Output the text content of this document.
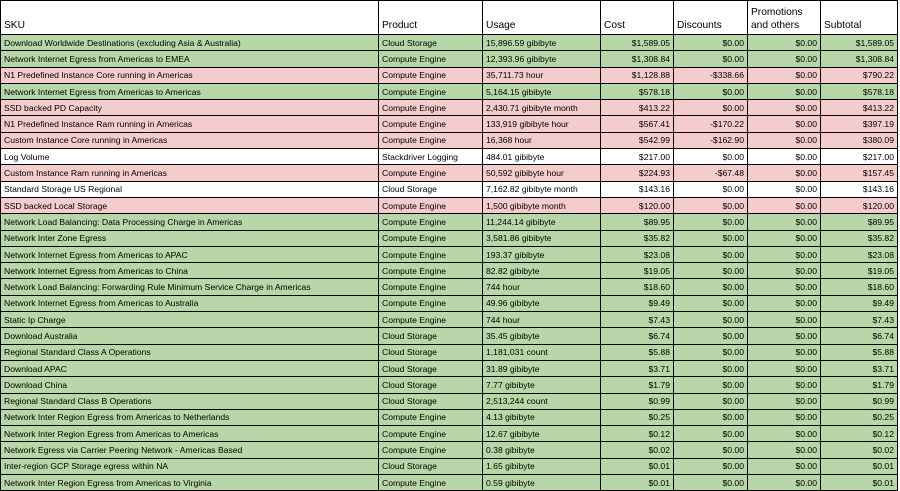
SKU	Product	Usage	Cost	Discounts	Promotions and others	Subtotal
Download Worldwide Destinations (excluding Asia & Australia)	Cloud Storage	15,896.59 gibibyte	$1,589.05	$0.00	$0.00	$1,589.05
Network Internet Egress from Americas to EMEA	Compute Engine	12,393.96 gibibyte	$1,308.84	$0.00	$0.00	$1,308.84
N1 Predefined Instance Core running in Americas	Compute Engine	35,711.73 hour	$1,128.88	-$338.66	$0.00	$790.22
Network Internet Egress from Americas to Americas	Compute Engine	5,164.15 gibibyte	$578.18	$0.00	$0.00	$578.18
SSD backed PD Capacity	Compute Engine	2,430.71 gibibyte month	$413.22	$0.00	$0.00	$413.22
N1 Predefined Instance Ram running in Americas	Compute Engine	133,919 gibibyte hour	$567.41	-$170.22	$0.00	$397.19
Custom Instance Core running in Americas	Compute Engine	16,368 hour	$542.99	-$162.90	$0.00	$380.09
Log Volume	Stackdriver Logging	484.01 gibibyte	$217.00	$0.00	$0.00	$217.00
Custom Instance Ram running in Americas	Compute Engine	50,592 gibibyte hour	$224.93	-$67.48	$0.00	$157.45
Standard Storage US Regional	Cloud Storage	7,162.82 gibibyte month	$143.16	$0.00	$0.00	$143.16
SSD backed Local Storage	Compute Engine	1,500 gibibyte month	$120.00	$0.00	$0.00	$120.00
Network Load Balancing: Data Processing Charge in Americas	Compute Engine	11,244.14 gibibyte	$89.95	$0.00	$0.00	$89.95
Network Inter Zone Egress	Compute Engine	3,581.86 gibibyte	$35.82	$0.00	$0.00	$35.82
Network Internet Egress from Americas to APAC	Compute Engine	193.37 gibibyte	$23.08	$0.00	$0.00	$23.08
Network Internet Egress from Americas to China	Compute Engine	82.82 gibibyte	$19.05	$0.00	$0.00	$19.05
Network Load Balancing: Forwarding Rule Minimum Service Charge in Americas	Compute Engine	744 hour	$18.60	$0.00	$0.00	$18.60
Network Internet Egress from Americas to Australia	Compute Engine	49.96 gibibyte	$9.49	$0.00	$0.00	$9.49
Static Ip Charge	Compute Engine	744 hour	$7.43	$0.00	$0.00	$7.43
Download Australia	Cloud Storage	35.45 gibibyte	$6.74	$0.00	$0.00	$6.74
Regional Standard Class A Operations	Cloud Storage	1,181,031 count	$5.88	$0.00	$0.00	$5.88
Download APAC	Cloud Storage	31.89 gibibyte	$3.71	$0.00	$0.00	$3.71
Download China	Cloud Storage	7.77 gibibyte	$1.79	$0.00	$0.00	$1.79
Regional Standard Class B Operations	Cloud Storage	2,513,244 count	$0.99	$0.00	$0.00	$0.99
Network Inter Region Egress from Americas to Netherlands	Compute Engine	4.13 gibibyte	$0.25	$0.00	$0.00	$0.25
Network Inter Region Egress from Americas to Americas	Compute Engine	12.67 gibibyte	$0.12	$0.00	$0.00	$0.12
Network Egress via Carrier Peering Network - Americas Based	Compute Engine	0.38 gibibyte	$0.02	$0.00	$0.00	$0.02
Inter-region GCP Storage egress within NA	Cloud Storage	1.65 gibibyte	$0.01	$0.00	$0.00	$0.01
Network Inter Region Egress from Americas to Virginia	Compute Engine	0.59 gibibyte	$0.01	$0.00	$0.00	$0.01
